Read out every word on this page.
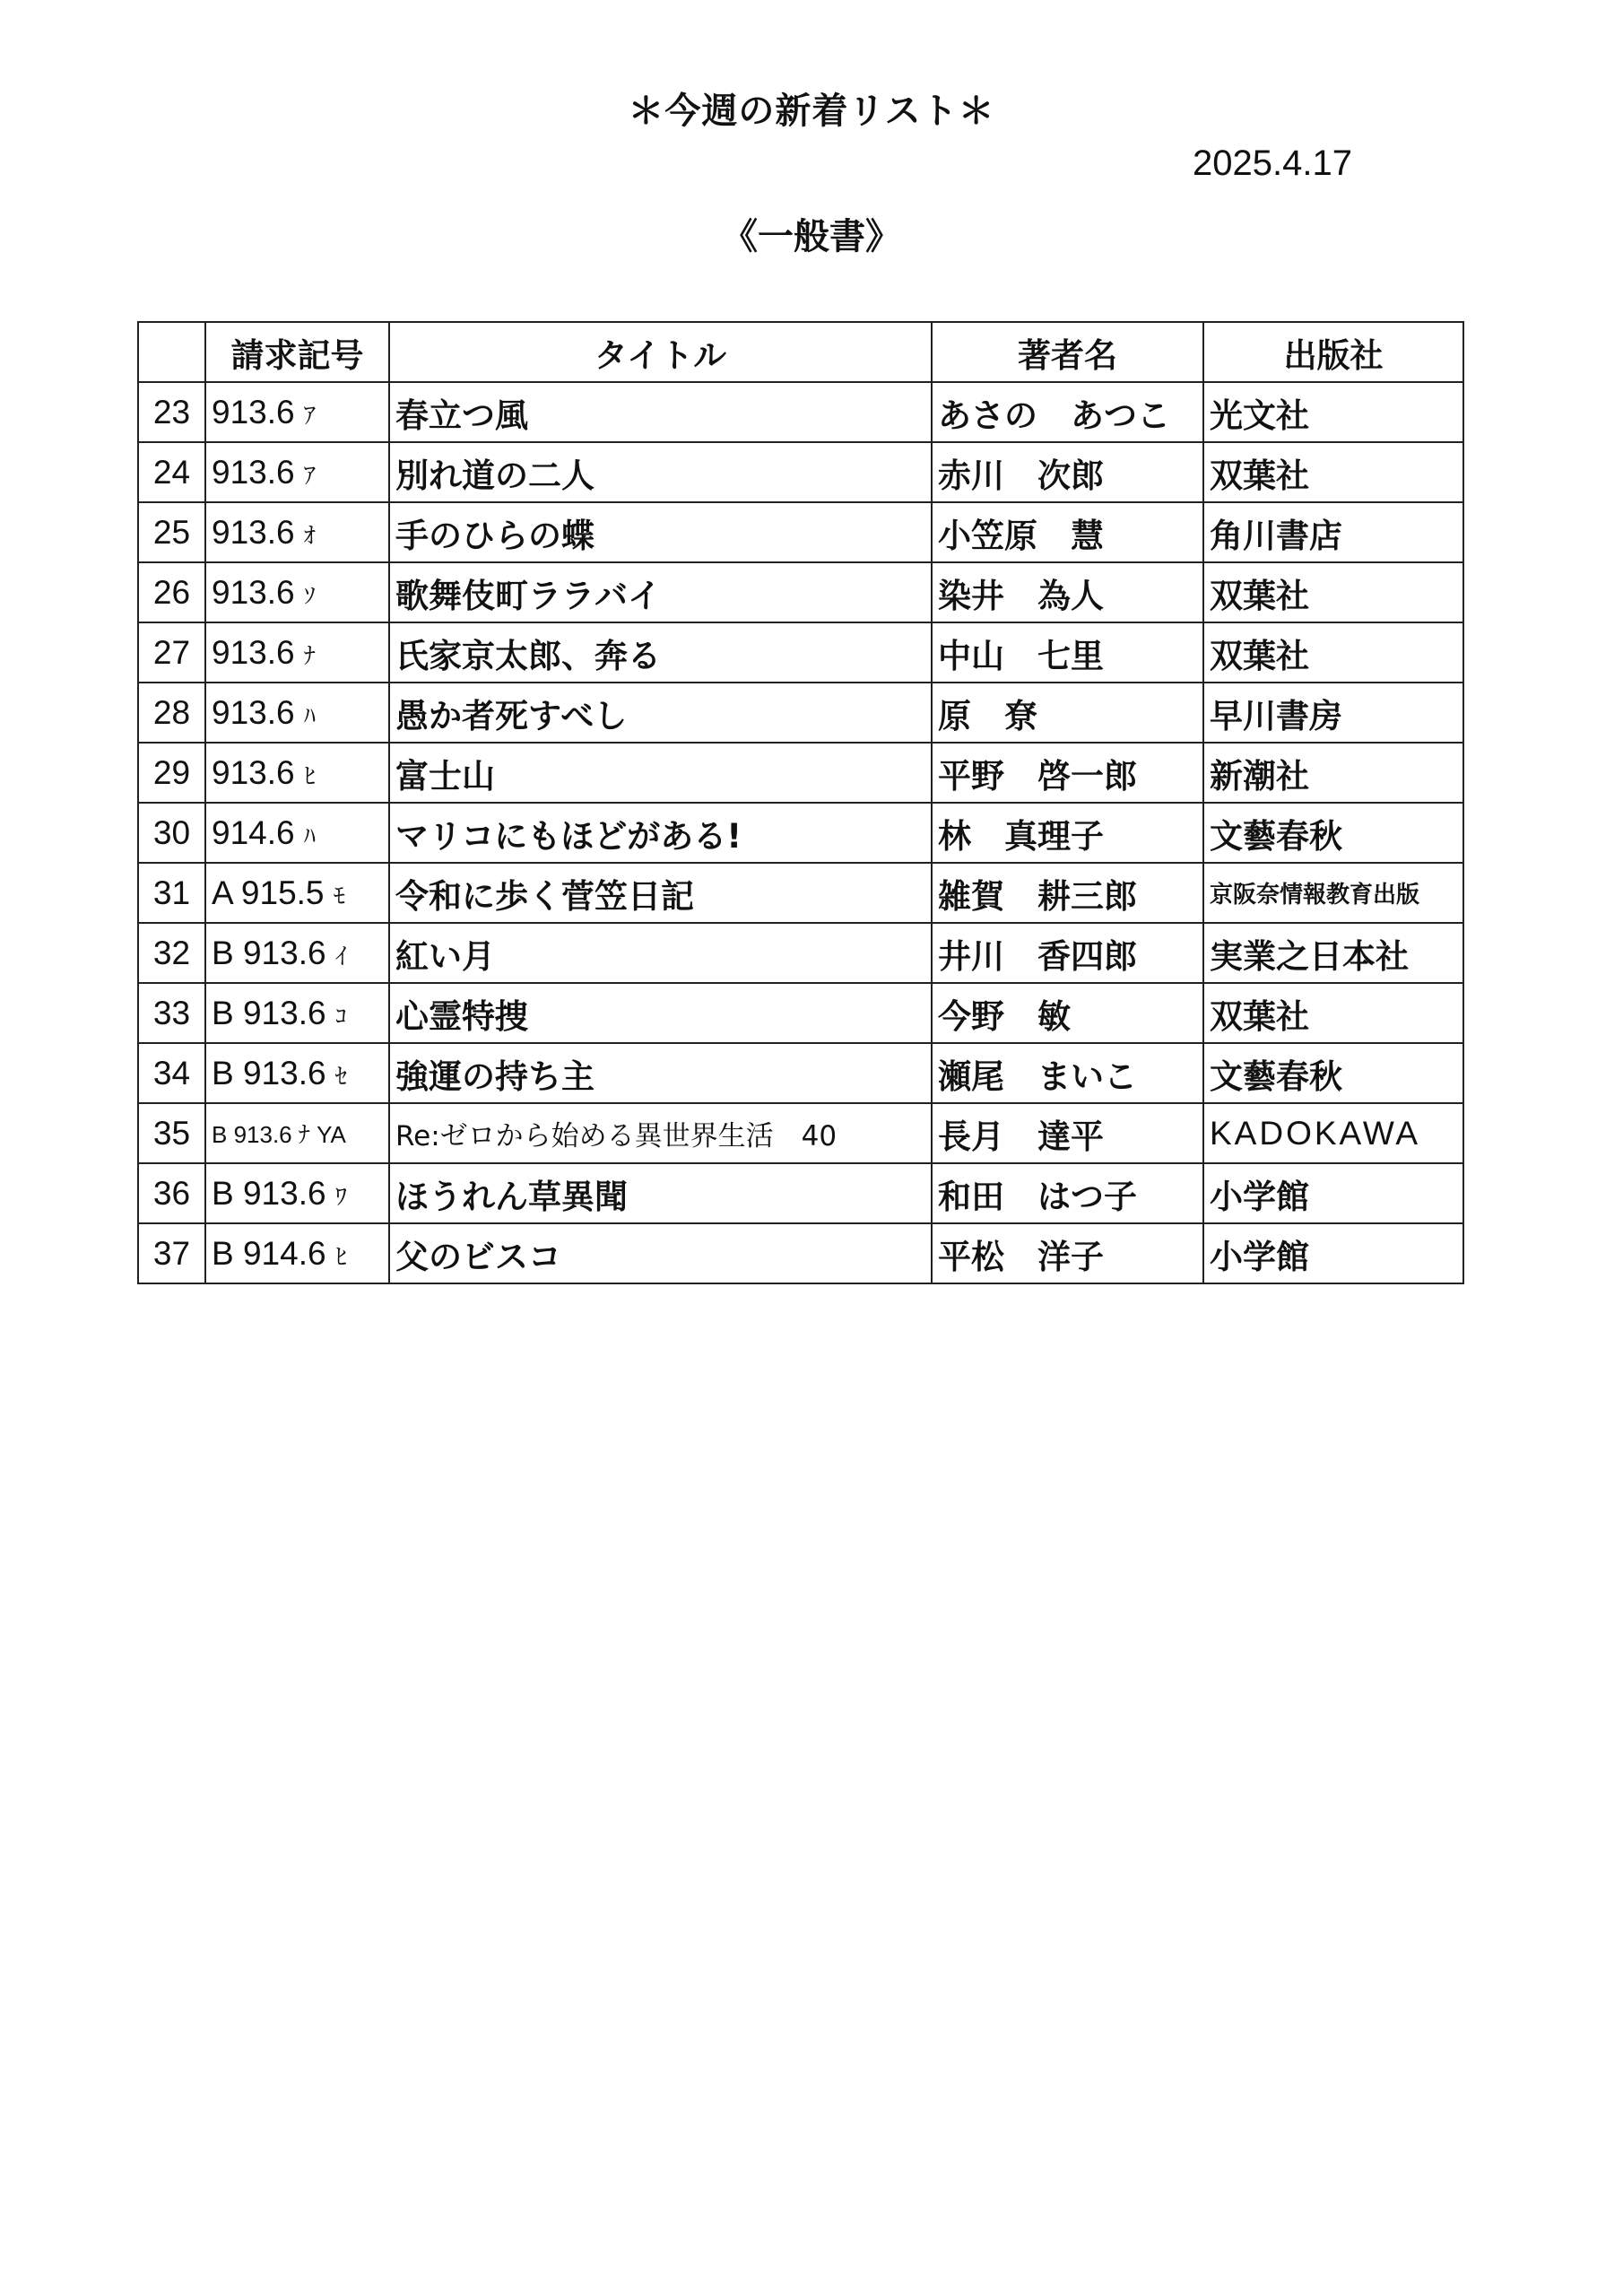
＊今週の新着リスト＊
2025.4.17
《一般書》
	請求記号	タイトル	著者名	出版社
23	913.6 ｱ	春立つ風	あさの　あつこ	光文社
24	913.6 ｱ	別れ道の二人	赤川　次郎	双葉社
25	913.6 ｵ	手のひらの蝶	小笠原　慧	角川書店
26	913.6 ｿ	歌舞伎町ララバイ	染井　為人	双葉社
27	913.6 ﾅ	氏家京太郎、奔る	中山　七里	双葉社
28	913.6 ﾊ	愚か者死すべし	原　尞	早川書房
29	913.6 ﾋ	富士山	平野　啓一郎	新潮社
30	914.6 ﾊ	マリコにもほどがある!	林　真理子	文藝春秋
31	A 915.5 ﾓ	令和に歩く菅笠日記	雑賀　耕三郎	京阪奈情報教育出版
32	B 913.6 ｲ	紅い月	井川　香四郎	実業之日本社
33	B 913.6 ｺ	心霊特捜	今野　敏	双葉社
34	B 913.6 ｾ	強運の持ち主	瀬尾　まいこ	文藝春秋
35	B 913.6 ﾅ YA	Re:ゼロから始める異世界生活　40	長月　達平	KADOKAWA
36	B 913.6 ﾜ	ほうれん草異聞	和田　はつ子	小学館
37	B 914.6 ﾋ	父のビスコ	平松　洋子	小学館
